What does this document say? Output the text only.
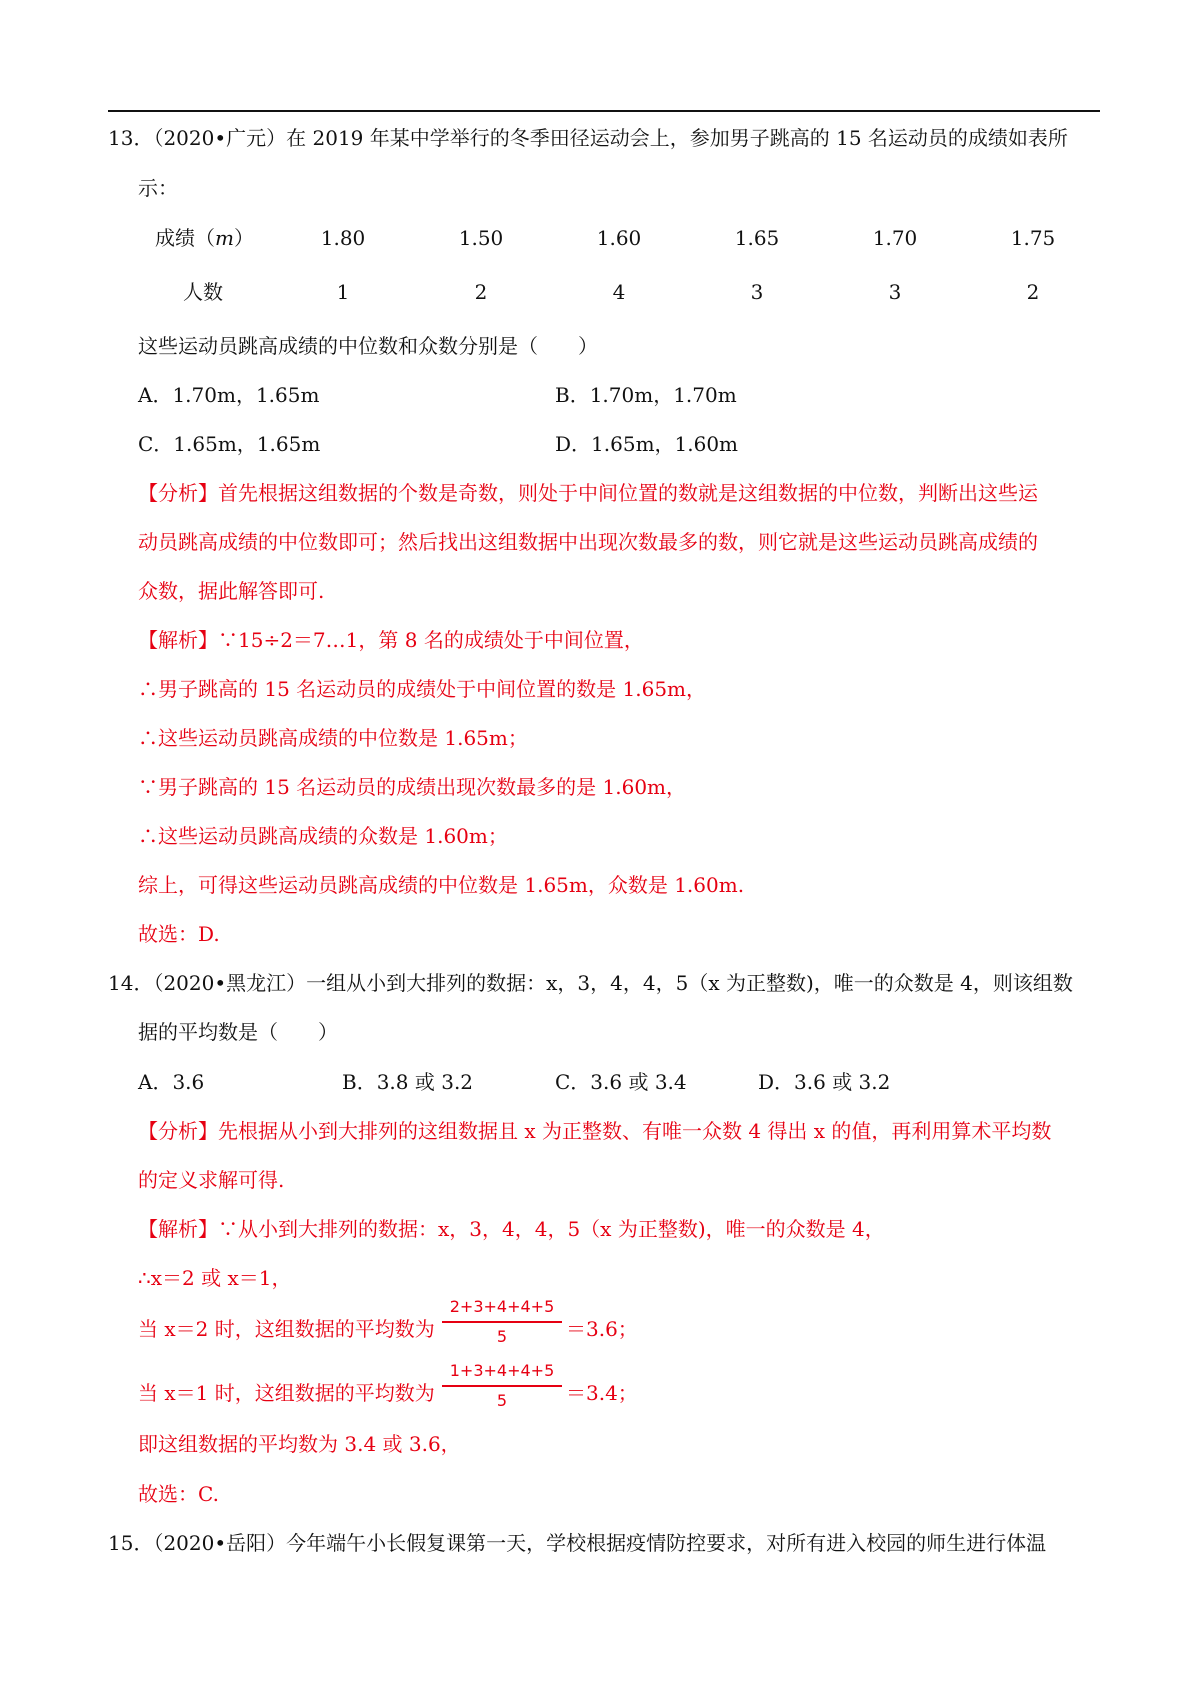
13．（2020•广元）在 2019 年某中学举行的冬季田径运动会上，参加男子跳高的 15 名运动员的成绩如表所
示：
成绩（m）	1.80	1.50	1.60	1.65	1.70	1.75
人数	1	2	4	3	3	2
这些运动员跳高成绩的中位数和众数分别是（　　）
A．1.70m，1.65m	B．1.70m，1.70m
C．1.65m，1.65m	D．1.65m，1.60m
【分析】首先根据这组数据的个数是奇数，则处于中间位置的数就是这组数据的中位数，判断出这些运
动员跳高成绩的中位数即可；然后找出这组数据中出现次数最多的数，则它就是这些运动员跳高成绩的
众数，据此解答即可.
【解析】∵15÷2＝7…1，第 8 名的成绩处于中间位置，
∴男子跳高的 15 名运动员的成绩处于中间位置的数是 1.65m，
∴这些运动员跳高成绩的中位数是 1.65m；
∵男子跳高的 15 名运动员的成绩出现次数最多的是 1.60m，
∴这些运动员跳高成绩的众数是 1.60m；
综上，可得这些运动员跳高成绩的中位数是 1.65m，众数是 1.60m.
故选：D.
14．（2020•黑龙江）一组从小到大排列的数据：x，3，4，4，5（x 为正整数)，唯一的众数是 4，则该组数
据的平均数是（　　）
A．3.6	B．3.8 或 3.2	C．3.6 或 3.4	D．3.6 或 3.2
【分析】先根据从小到大排列的这组数据且 x 为正整数、有唯一众数 4 得出 x 的值，再利用算术平均数
的定义求解可得.
【解析】∵从小到大排列的数据：x，3，4，4，5（x 为正整数)，唯一的众数是 4，
∴x＝2 或 x＝1，
当 x＝2 时，这组数据的平均数为
2+3+4+4+5
5	＝3.6；
当 x＝1 时，这组数据的平均数为
1+3+4+4+5
5	＝3.4；
即这组数据的平均数为 3.4 或 3.6，
故选：C.
15．（2020•岳阳）今年端午小长假复课第一天，学校根据疫情防控要求，对所有进入校园的师生进行体温
